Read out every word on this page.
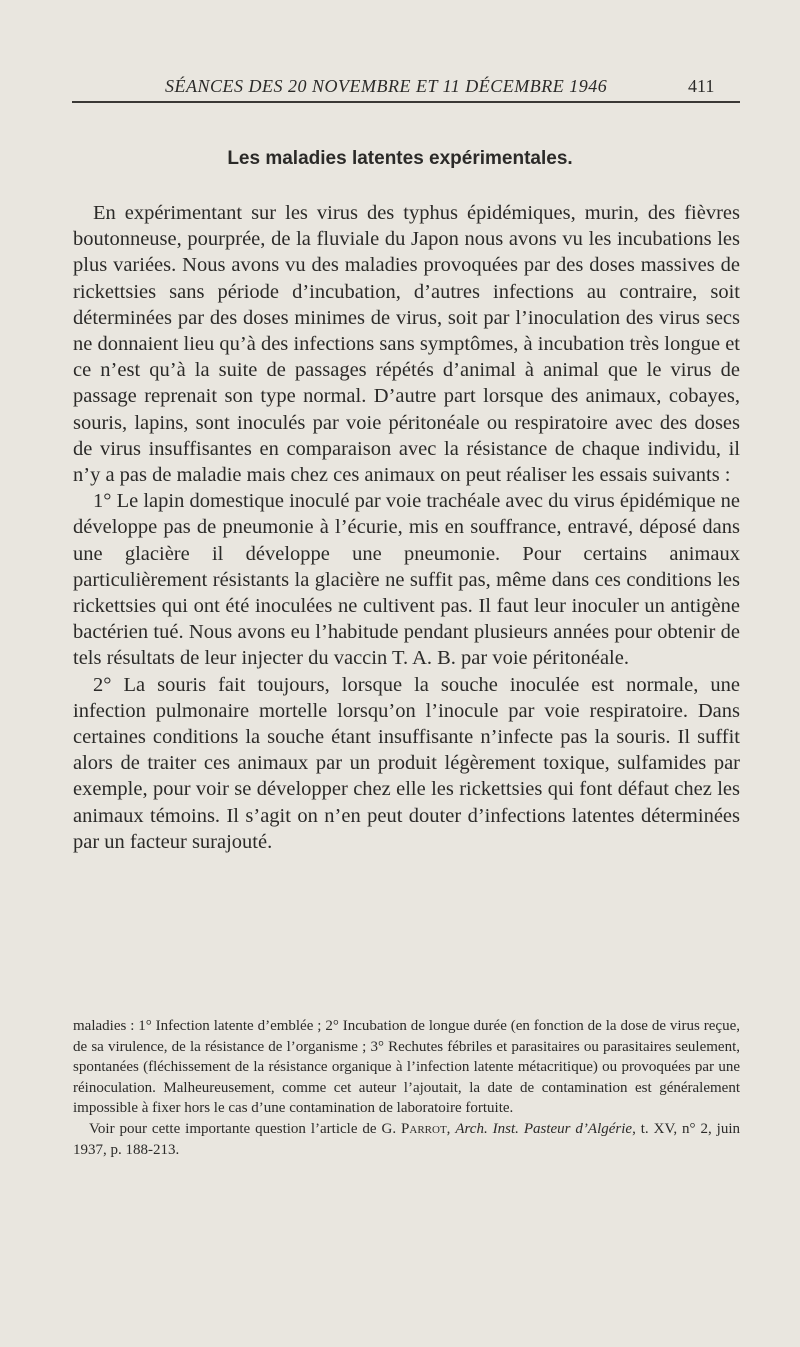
SÉANCES DES 20 NOVEMBRE ET 11 DÉCEMBRE 1946	411
Les maladies latentes expérimentales.

En expérimentant sur les virus des typhus épidémiques, murin, des fièvres boutonneuse, pourprée, de la fluviale du Japon nous avons vu les incubations les plus variées. Nous avons vu des maladies provoquées par des doses massives de rickettsies sans période d’incubation, d’autres infections au contraire, soit déterminées par des doses minimes de virus, soit par l’inoculation des virus secs ne donnaient lieu qu’à des infections sans symptômes, à incubation très longue et ce n’est qu’à la suite de passages répétés d’animal à animal que le virus de passage reprenait son type normal. D’autre part lorsque des animaux, cobayes, souris, lapins, sont inoculés par voie péritonéale ou respiratoire avec des doses de virus insuffisantes en comparaison avec la résistance de chaque individu, il n’y a pas de maladie mais chez ces animaux on peut réaliser les essais suivants :

1° Le lapin domestique inoculé par voie trachéale avec du virus épidémique ne développe pas de pneumonie à l’écurie, mis en souffrance, entravé, déposé dans une glacière il développe une pneumonie. Pour certains animaux particulièrement résistants la glacière ne suffit pas, même dans ces conditions les rickettsies qui ont été inoculées ne cultivent pas. Il faut leur inoculer un antigène bactérien tué. Nous avons eu l’habitude pendant plusieurs années pour obtenir de tels résultats de leur injecter du vaccin T. A. B. par voie péritonéale.

2° La souris fait toujours, lorsque la souche inoculée est normale, une infection pulmonaire mortelle lorsqu’on l’inocule par voie respiratoire. Dans certaines conditions la souche étant insuffisante n’infecte pas la souris. Il suffit alors de traiter ces animaux par un produit légèrement toxique, sulfamides par exemple, pour voir se développer chez elle les rickettsies qui font défaut chez les animaux témoins. Il s’agit on n’en peut douter d’infections latentes déterminées par un facteur surajouté.

maladies : 1° Infection latente d’emblée ; 2° Incubation de longue durée (en fonction de la dose de virus reçue, de sa virulence, de la résistance de l’organisme ; 3° Rechutes fébriles et parasitaires ou parasitaires seulement, spontanées (fléchissement de la résistance organique à l’infection latente métacritique) ou provoquées par une réinoculation. Malheureusement, comme cet auteur l’ajoutait, la date de contamination est généralement impossible à fixer hors le cas d’une contamination de laboratoire fortuite.

Voir pour cette importante question l’article de G. Parrot, Arch. Inst. Pasteur d’Algérie, t. XV, n° 2, juin 1937, p. 188-213.
